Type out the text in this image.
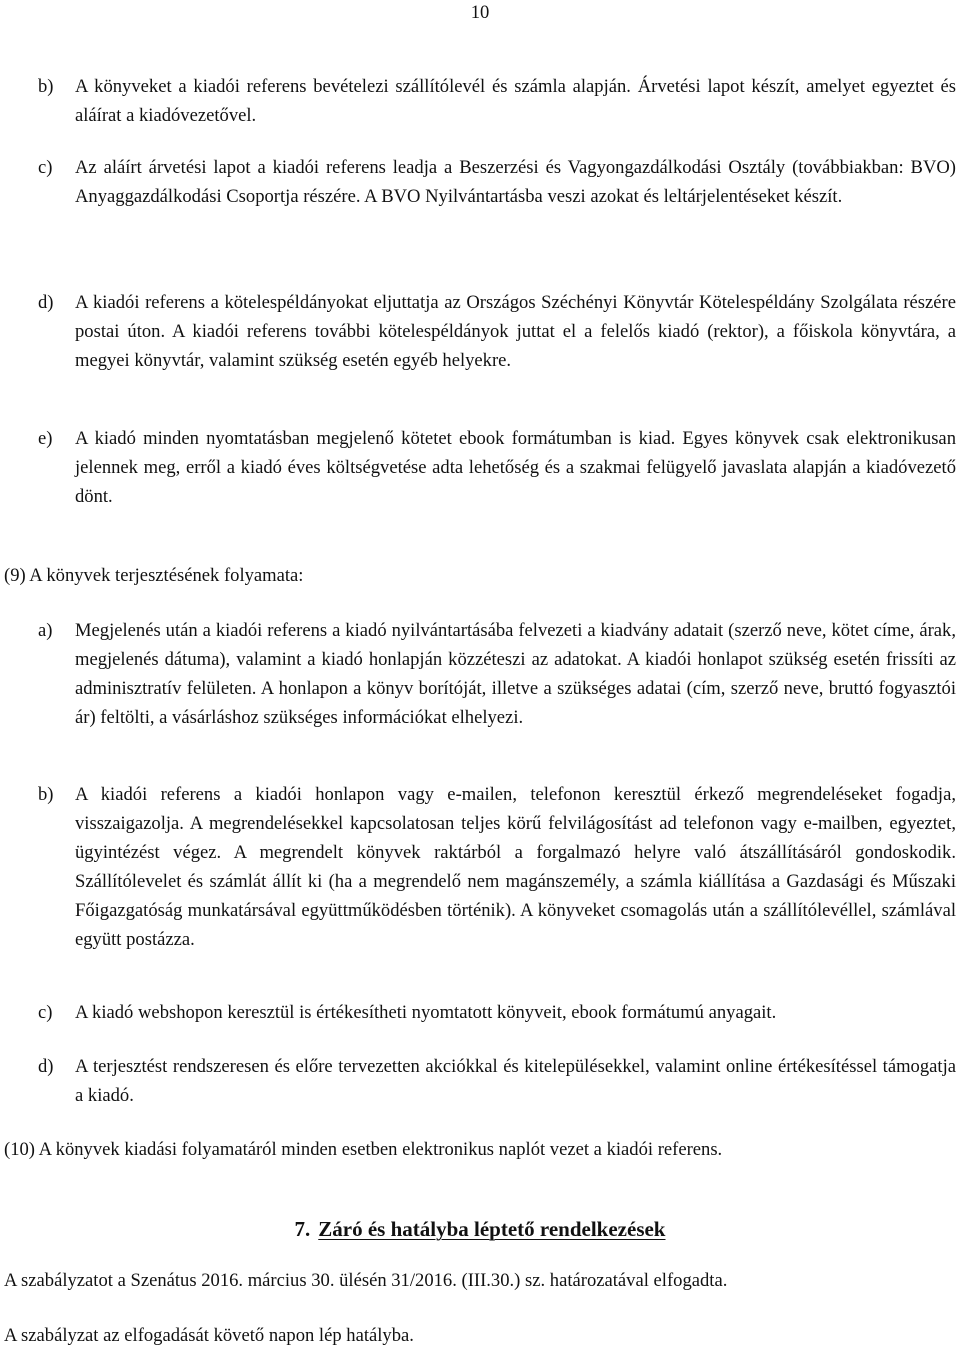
10
b) A könyveket a kiadói referens bevételezi szállítólevél és számla alapján. Árvetési lapot készít, amelyet egyeztet és aláírat a kiadóvezetővel.
c) Az aláírt árvetési lapot a kiadói referens leadja a Beszerzési és Vagyongazdálkodási Osztály (továbbiakban: BVO) Anyaggazdálkodási Csoportja részére. A BVO Nyilvántartásba veszi azokat és leltárjelentéseket készít.
d) A kiadói referens a kötelespéldányokat eljuttatja az Országos Széchényi Könyvtár Kötelespéldány Szolgálata részére postai úton. A kiadói referens további kötelespéldányok juttat el a felelős kiadó (rektor), a főiskola könyvtára, a megyei könyvtár, valamint szükség esetén egyéb helyekre.
e) A kiadó minden nyomtatásban megjelenő kötetet ebook formátumban is kiad. Egyes könyvek csak elektronikusan jelennek meg, erről a kiadó éves költségvetése adta lehetőség és a szakmai felügyelő javaslata alapján a kiadóvezető dönt.
(9) A könyvek terjesztésének folyamata:
a) Megjelenés után a kiadói referens a kiadó nyilvántartásába felvezeti a kiadvány adatait (szerző neve, kötet címe, árak, megjelenés dátuma), valamint a kiadó honlapján közzéteszi az adatokat. A kiadói honlapot szükség esetén frissíti az adminisztratív felületen. A honlapon a könyv borítóját, illetve a szükséges adatai (cím, szerző neve, bruttó fogyasztói ár) feltölti, a vásárláshoz szükséges információkat elhelyezi.
b) A kiadói referens a kiadói honlapon vagy e-mailen, telefonon keresztül érkező megrendeléseket fogadja, visszaigazolja. A megrendelésekkel kapcsolatosan teljes körű felvilágosítást ad telefonon vagy e-mailben, egyeztet, ügyintézést végez. A megrendelt könyvek raktárból a forgalmazó helyre való átszállításáról gondoskodik. Szállítólevelet és számlát állít ki (ha a megrendelő nem magánszemély, a számla kiállítása a Gazdasági és Műszaki Főigazgatóság munkatársával együttműködésben történik). A könyveket csomagolás után a szállítólevéllel, számlával együtt postázza.
c) A kiadó webshopon keresztül is értékesítheti nyomtatott könyveit, ebook formátumú anyagait.
d) A terjesztést rendszeresen és előre tervezetten akciókkal és kitelepülésekkel, valamint online értékesítéssel támogatja a kiadó.
(10) A könyvek kiadási folyamatáról minden esetben elektronikus naplót vezet a kiadói referens.
7. Záró és hatályba léptető rendelkezések
A szabályzatot a Szenátus 2016. március 30. ülésén 31/2016. (III.30.) sz. határozatával elfogadta.
A szabályzat az elfogadását követő napon lép hatályba.
